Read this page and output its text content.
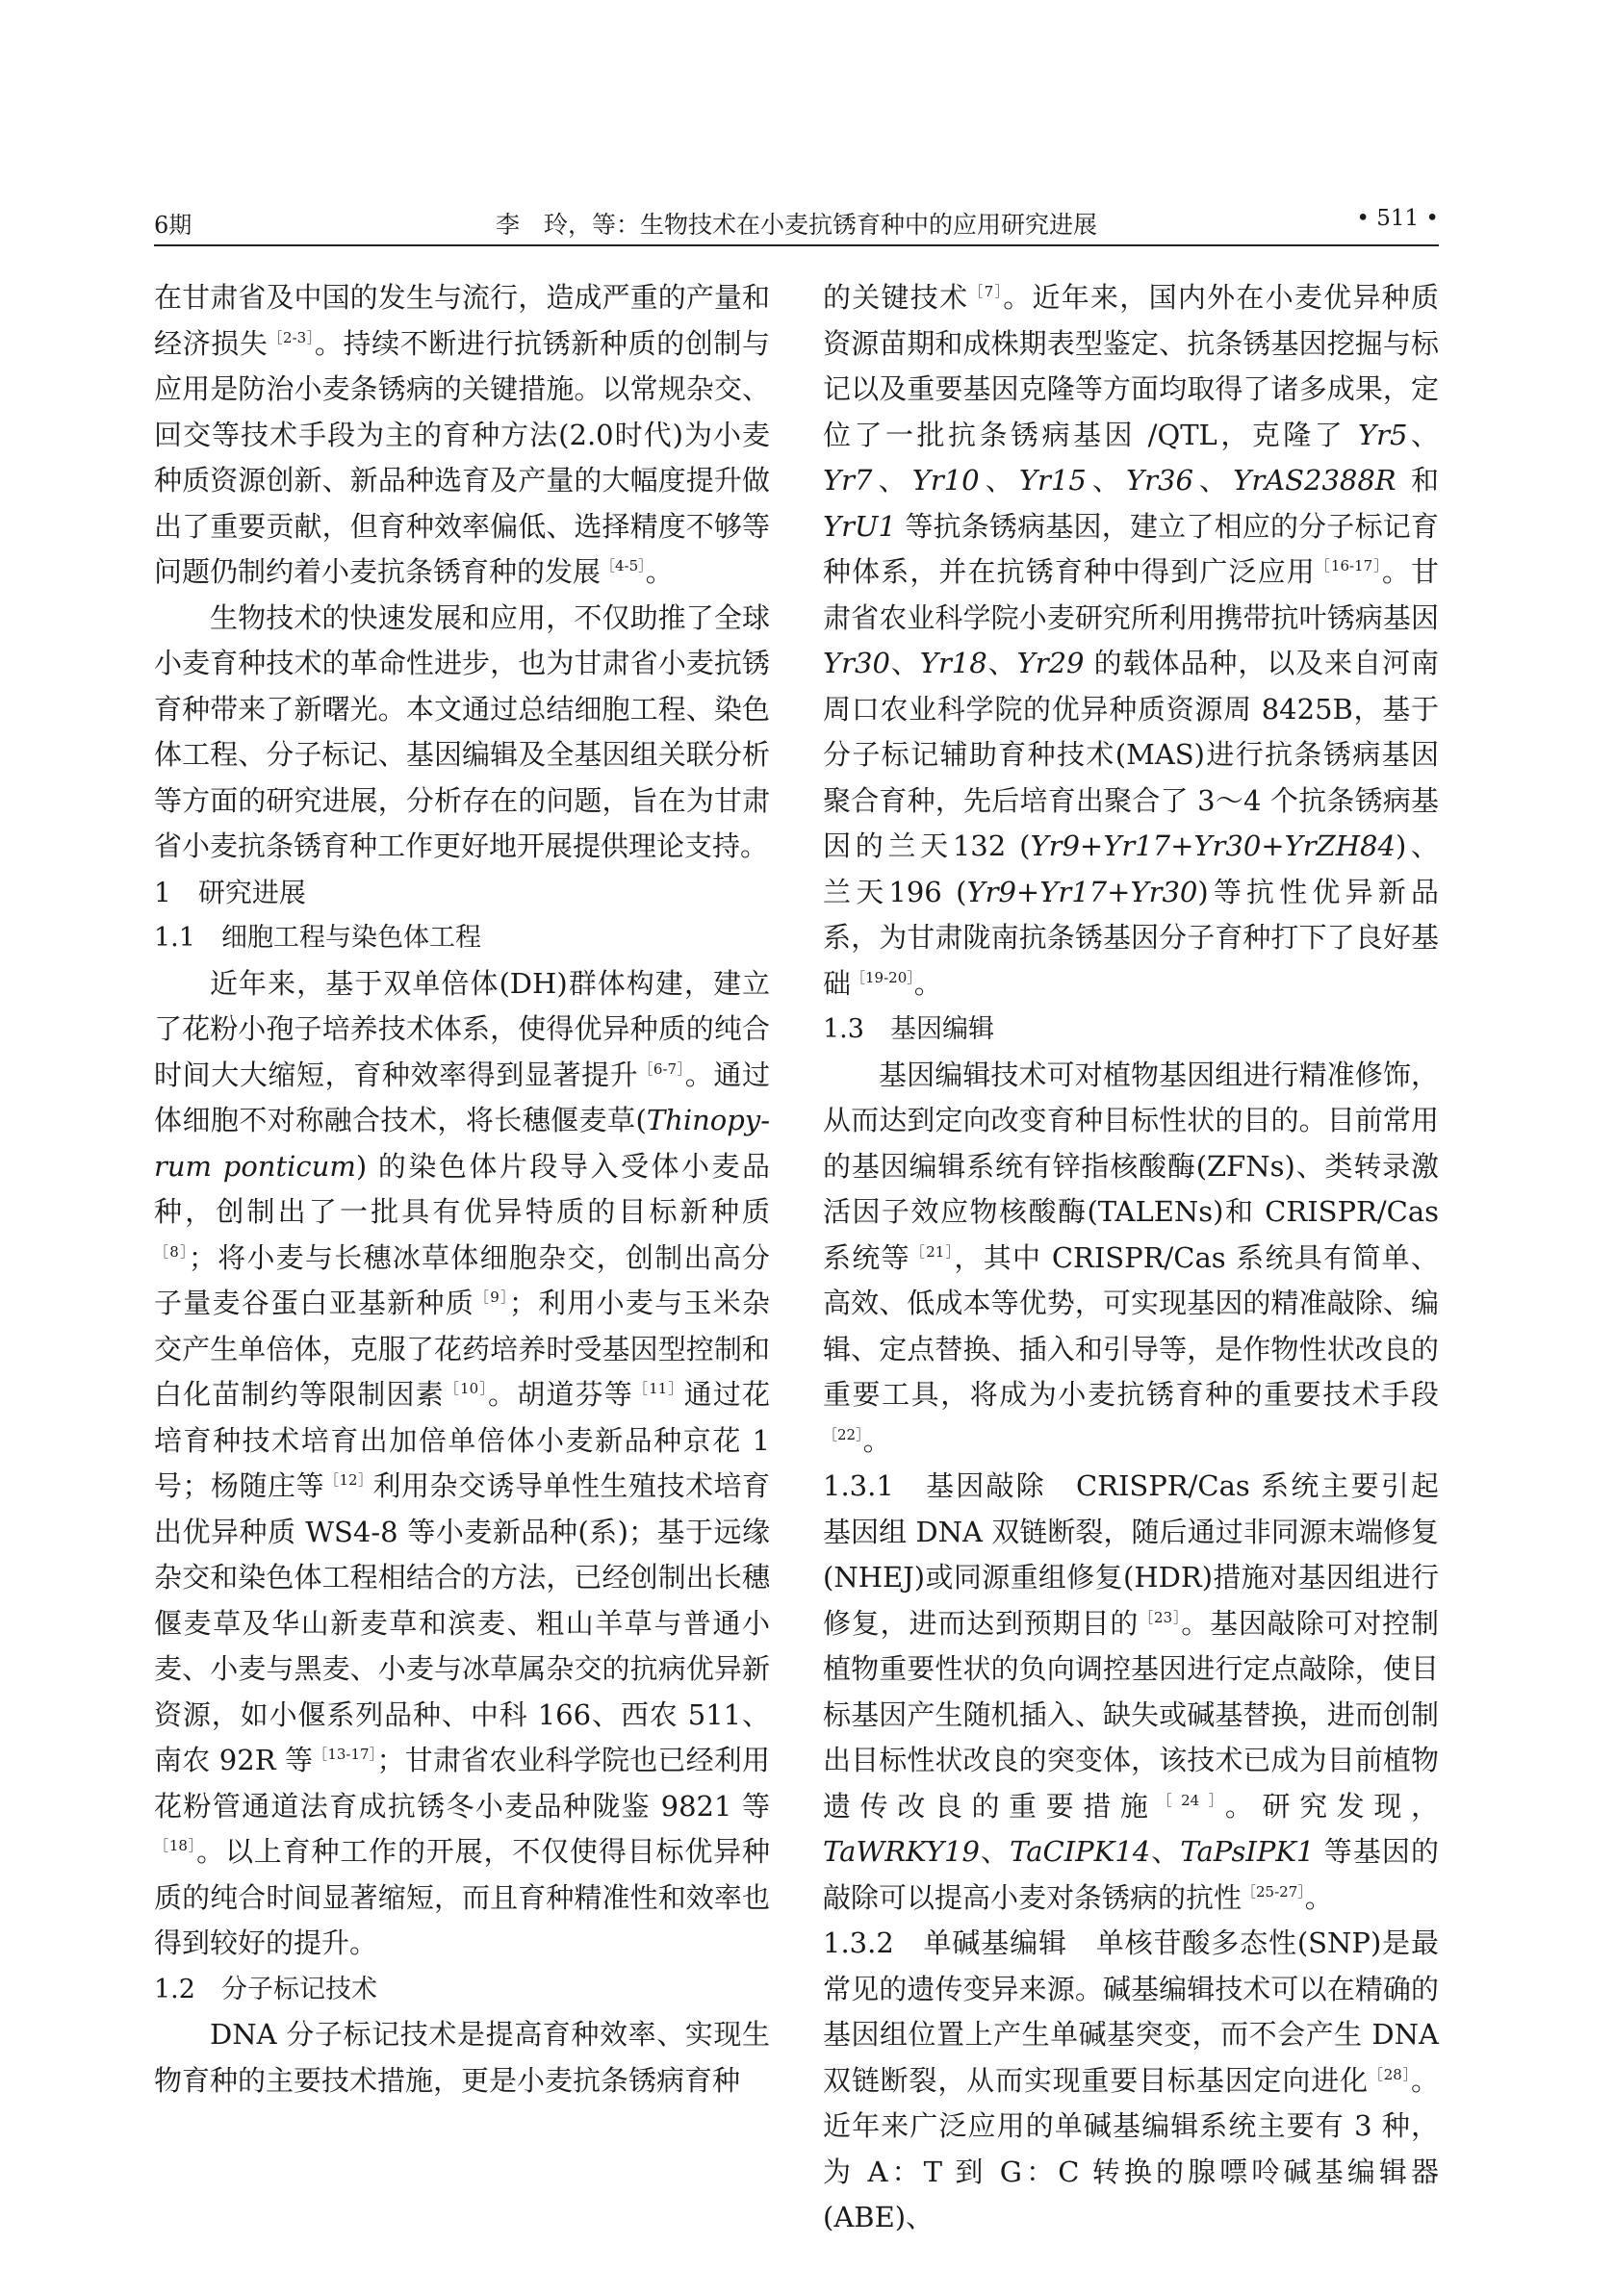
6期	李　玲，等：生物技术在小麦抗锈育种中的应用研究进展	• 511 •

在甘肃省及中国的发生与流行，造成严重的产量和经济损失$^{[2-3]}$。持续不断进行抗锈新种质的创制与应用是防治小麦条锈病的关键措施。以常规杂交、回交等技术手段为主的育种方法(2.0时代)为小麦种质资源创新、新品种选育及产量的大幅度提升做出了重要贡献，但育种效率偏低、选择精度不够等问题仍制约着小麦抗条锈育种的发展$^{[4-5]}$。

生物技术的快速发展和应用，不仅助推了全球小麦育种技术的革命性进步，也为甘肃省小麦抗锈育种带来了新曙光。本文通过总结细胞工程、染色体工程、分子标记、基因编辑及全基因组关联分析等方面的研究进展，分析存在的问题，旨在为甘肃省小麦抗条锈育种工作更好地开展提供理论支持。

1　研究进展

1.1　细胞工程与染色体工程

近年来，基于双单倍体(DH)群体构建，建立了花粉小孢子培养技术体系，使得优异种质的纯合时间大大缩短，育种效率得到显著提升$^{[6-7]}$。通过体细胞不对称融合技术，将长穗偃麦草(Thinopy-rum ponticum) 的染色体片段导入受体小麦品种，创制出了一批具有优异特质的目标新种质$^{[8]}$；将小麦与长穗冰草体细胞杂交，创制出高分子量麦谷蛋白亚基新种质$^{[9]}$；利用小麦与玉米杂交产生单倍体，克服了花药培养时受基因型控制和白化苗制约等限制因素$^{[10]}$。胡道芬等$^{[11]}$通过花培育种技术培育出加倍单倍体小麦新品种京花 1 号；杨随庄等$^{[12]}$利用杂交诱导单性生殖技术培育出优异种质 WS4-8 等小麦新品种(系)；基于远缘杂交和染色体工程相结合的方法，已经创制出长穗偃麦草及华山新麦草和滨麦、粗山羊草与普通小麦、小麦与黑麦、小麦与冰草属杂交的抗病优异新资源，如小偃系列品种、中科 166、西农 511、南农 92R 等$^{[13-17]}$；甘肃省农业科学院也已经利用花粉管通道法育成抗锈冬小麦品种陇鉴 9821 等$^{[18]}$。以上育种工作的开展，不仅使得目标优异种质的纯合时间显著缩短，而且育种精准性和效率也得到较好的提升。

1.2　分子标记技术

DNA 分子标记技术是提高育种效率、实现生物育种的主要技术措施，更是小麦抗条锈病育种

的关键技术$^{[7]}$。近年来，国内外在小麦优异种质资源苗期和成株期表型鉴定、抗条锈基因挖掘与标记以及重要基因克隆等方面均取得了诸多成果，定位了一批抗条锈病基因 /QTL，克隆了 Yr5、Yr7、Yr10、Yr15、Yr36、YrAS2388R 和 YrU1 等抗条锈病基因，建立了相应的分子标记育种体系，并在抗锈育种中得到广泛应用$^{[16-17]}$。甘肃省农业科学院小麦研究所利用携带抗叶锈病基因 Yr30、Yr18、Yr29 的载体品种，以及来自河南周口农业科学院的优异种质资源周 8425B，基于分子标记辅助育种技术(MAS)进行抗条锈病基因聚合育种，先后培育出聚合了 3～4 个抗条锈病基因的兰天132 (Yr9+Yr17+Yr30+YrZH84)、兰天196 (Yr9+Yr17+Yr30)等抗性优异新品系，为甘肃陇南抗条锈基因分子育种打下了良好基础$^{[19-20]}$。

1.3　基因编辑

基因编辑技术可对植物基因组进行精准修饰，从而达到定向改变育种目标性状的目的。目前常用的基因编辑系统有锌指核酸酶(ZFNs)、类转录激活因子效应物核酸酶(TALENs)和 CRISPR/Cas 系统等$^{[21]}$，其中 CRISPR/Cas 系统具有简单、高效、低成本等优势，可实现基因的精准敲除、编辑、定点替换、插入和引导等，是作物性状改良的重要工具，将成为小麦抗锈育种的重要技术手段$^{[22]}$。

1.3.1　基因敲除　CRISPR/Cas 系统主要引起基因组 DNA 双链断裂，随后通过非同源末端修复(NHEJ)或同源重组修复(HDR)措施对基因组进行修复，进而达到预期目的$^{[23]}$。基因敲除可对控制植物重要性状的负向调控基因进行定点敲除，使目标基因产生随机插入、缺失或碱基替换，进而创制出目标性状改良的突变体，该技术已成为目前植物遗传改良的重要措施$^{[24]}$。研究发现，TaWRKY19、TaCIPK14、TaPsIPK1 等基因的敲除可以提高小麦对条锈病的抗性$^{[25-27]}$。

1.3.2　单碱基编辑　单核苷酸多态性(SNP)是最常见的遗传变异来源。碱基编辑技术可以在精确的基因组位置上产生单碱基突变，而不会产生 DNA 双链断裂，从而实现重要目标基因定向进化$^{[28]}$。近年来广泛应用的单碱基编辑系统主要有 3 种，为 A：T 到 G：C 转换的腺嘌呤碱基编辑器(ABE)、
